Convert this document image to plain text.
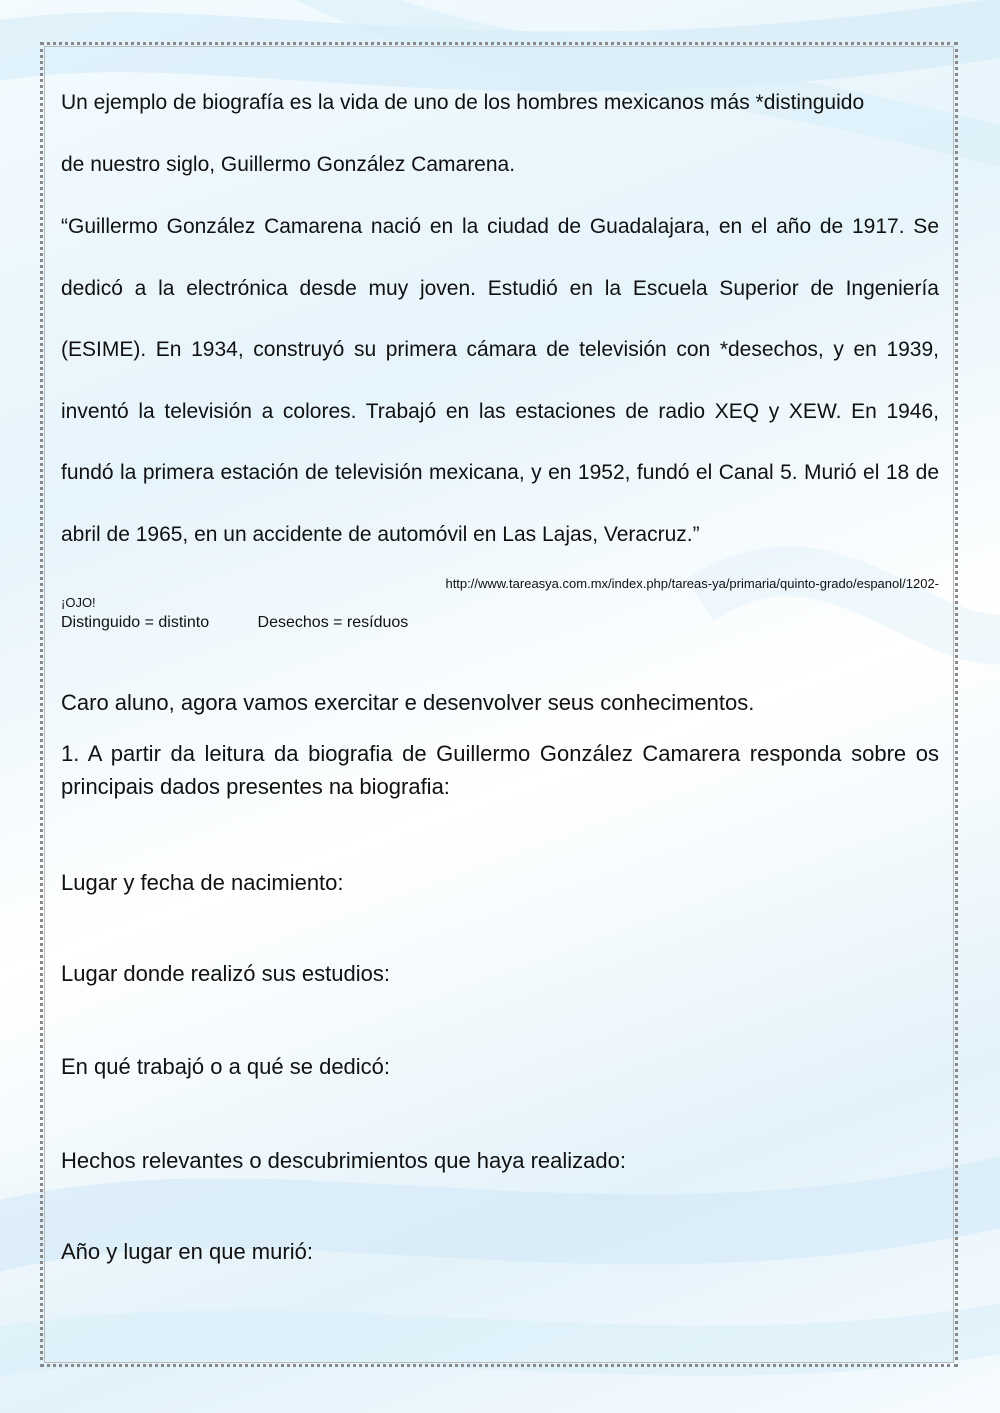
Un ejemplo de biografía es la vida de uno de los hombres mexicanos más *distinguido
de nuestro siglo, Guillermo González Camarena.

“Guillermo González Camarena nació en la ciudad de Guadalajara, en el año de 1917. Se dedicó a la electrónica desde muy joven. Estudió en la Escuela Superior de Ingeniería (ESIME). En 1934, construyó su primera cámara de televisión con *desechos, y en 1939, inventó la televisión a colores. Trabajó en las estaciones de radio XEQ y XEW. En 1946, fundó la primera estación de televisión mexicana, y en 1952, fundó el Canal 5. Murió el 18 de abril de 1965, en un accidente de automóvil en Las Lajas, Veracruz.”

http://www.tareasya.com.mx/index.php/tareas-ya/primaria/quinto-grado/espanol/1202-

¡OJO!

Distinguido = distinto	Desechos = resíduos

Caro aluno, agora vamos exercitar e desenvolver seus conhecimentos.

1. A partir da leitura da biografia de Guillermo González Camarera responda sobre os principais dados presentes na biografia:

Lugar y fecha de nacimiento:

Lugar donde realizó sus estudios:

En qué trabajó o a qué se dedicó:

Hechos relevantes o descubrimientos que haya realizado:

Año y lugar en que murió:
